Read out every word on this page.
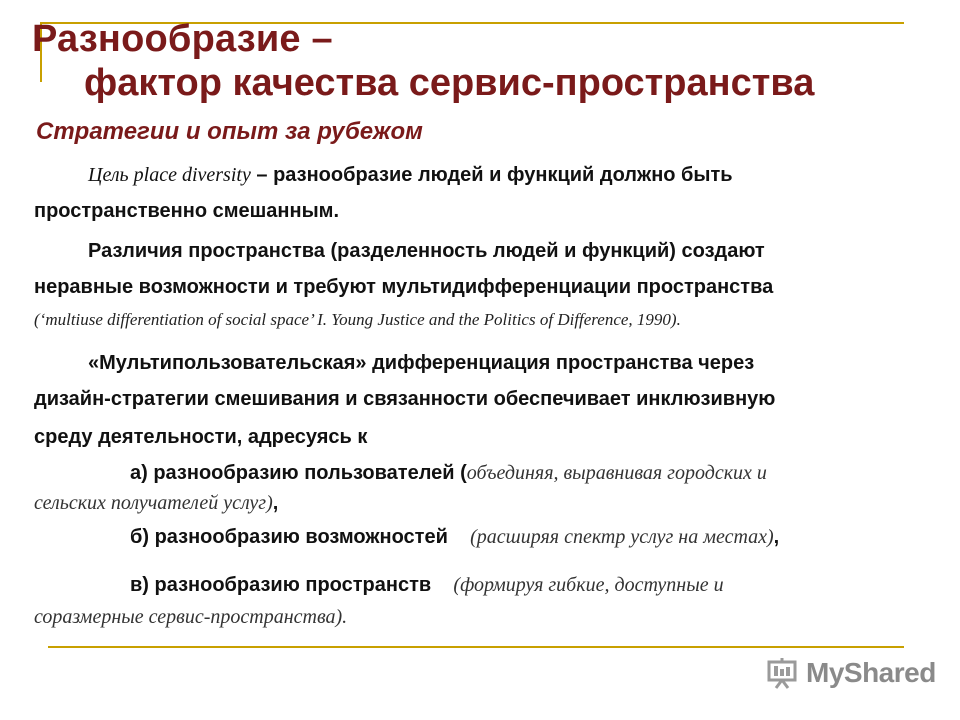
Разнообразие –
фактор качества сервис-пространства
Стратегии и опыт за рубежом
Цель place diversity – разнообразие людей и функций должно быть
пространственно смешанным.
Различия пространства (разделенность людей и функций) создают
неравные возможности и требуют мультидифференциации пространства
(‘multiuse differentiation of social space’ I. Young Justice and the Politics of Difference, 1990).
«Мультипользовательская» дифференциация пространства через
дизайн-стратегии смешивания и связанности обеспечивает инклюзивную
среду деятельности, адресуясь к
а) разнообразию пользователей (объединяя, выравнивая городских и
сельских получателей услуг),
б) разнообразию возможностей (расширяя спектр услуг на местах),
в) разнообразию пространств (формируя гибкие, доступные и
соразмерные сервис-пространства).
MyShared
